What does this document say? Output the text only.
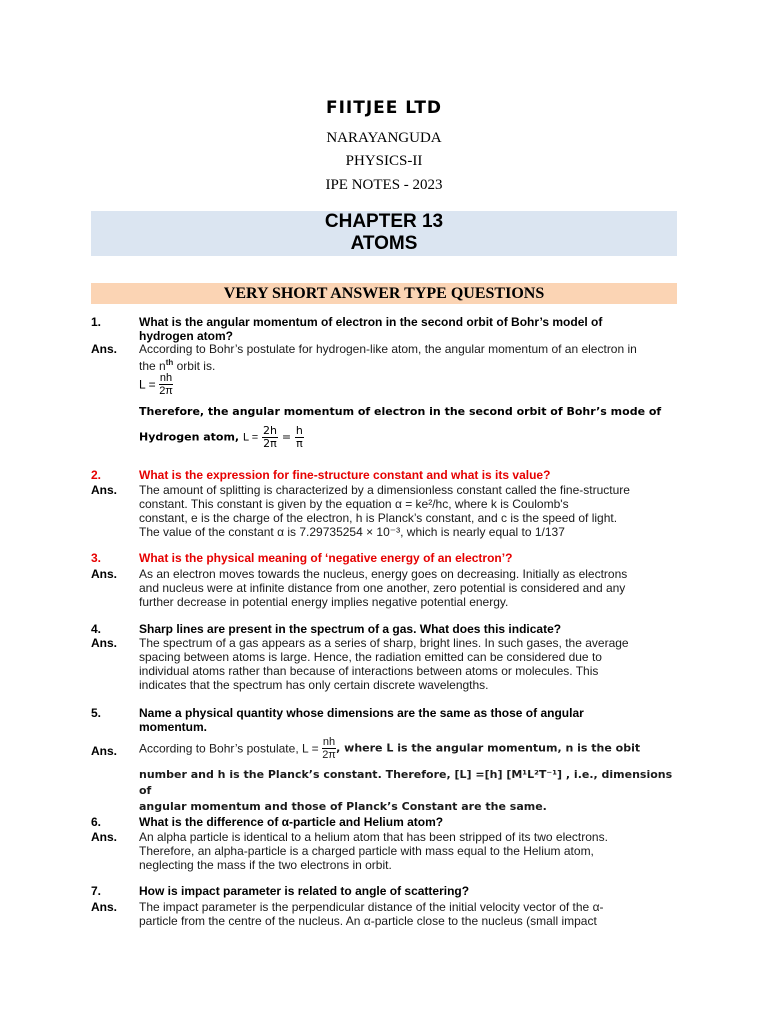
FIITJEE LTD
NARAYANGUDA
PHYSICS-II
IPE NOTES - 2023
CHAPTER 13
ATOMS
VERY SHORT ANSWER TYPE QUESTIONS
1.	What is the angular momentum of electron in the second orbit of Bohr’s model of
hydrogen atom?
Ans.	According to Bohr’s postulate for hydrogen-like atom, the angular momentum of an electron in
the $n^{th}$ orbit is.
$L = \frac{nh}{2\pi}$
Therefore, the angular momentum of electron in the second orbit of Bohr’s mode of
Hydrogen atom, $L = \frac{2h}{2\pi} = \frac{h}{\pi}$
2.	What is the expression for fine-structure constant and what is its value?
Ans.	The amount of splitting is characterized by a dimensionless constant called the fine-structure
constant. This constant is given by the equation α = ke²/hc, where k is Coulomb's
constant, e is the charge of the electron, h is Planck’s constant, and c is the speed of light.
The value of the constant α is 7.29735254 × 10⁻³, which is nearly equal to 1/137
3.	What is the physical meaning of ‘negative energy of an electron’?
Ans.	As an electron moves towards the nucleus, energy goes on decreasing. Initially as electrons
and nucleus were at infinite distance from one another, zero potential is considered and any
further decrease in potential energy implies negative potential energy.
4.	Sharp lines are present in the spectrum of a gas. What does this indicate?
Ans.	The spectrum of a gas appears as a series of sharp, bright lines. In such gases, the average
spacing between atoms is large. Hence, the radiation emitted can be considered due to
individual atoms rather than because of interactions between atoms or molecules. This
indicates that the spectrum has only certain discrete wavelengths.
5.	Name a physical quantity whose dimensions are the same as those of angular
momentum.
Ans.	According to Bohr’s postulate, $L = \frac{nh}{2\pi}$ , where L is the angular momentum, n is the obit
number and h is the Planck’s constant. Therefore, [L] =[h] [M¹L²T⁻¹] , i.e., dimensions of
angular momentum and those of Planck’s Constant are the same.
6.	What is the difference of α-particle and Helium atom?
Ans.	An alpha particle is identical to a helium atom that has been stripped of its two electrons.
Therefore, an alpha-particle is a charged particle with mass equal to the Helium atom,
neglecting the mass if the two electrons in orbit.
7.	How is impact parameter is related to angle of scattering?
Ans.	The impact parameter is the perpendicular distance of the initial velocity vector of the α-
particle from the centre of the nucleus. An α-particle close to the nucleus (small impact
